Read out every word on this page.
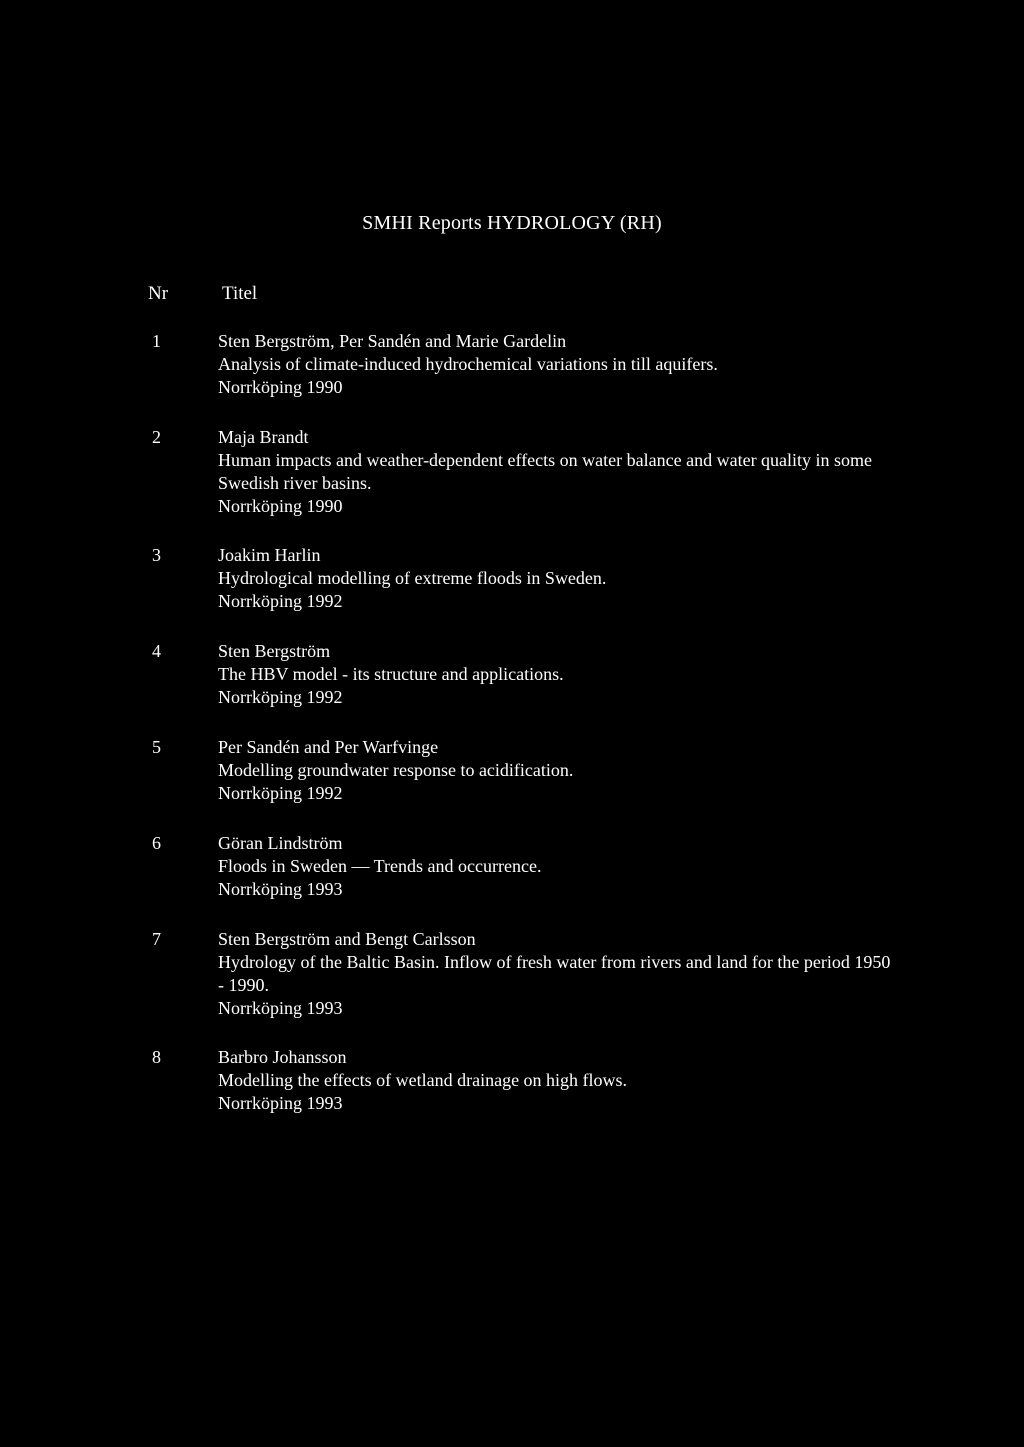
SMHI Reports HYDROLOGY (RH)
Nr	Titel
1	Sten Bergström, Per Sandén and Marie Gardelin
Analysis of climate-induced hydrochemical variations in till aquifers.
Norrköping 1990
2	Maja Brandt
Human impacts and weather-dependent effects on water balance and water quality in some Swedish river basins.
Norrköping 1990
3	Joakim Harlin
Hydrological modelling of extreme floods in Sweden.
Norrköping 1992
4	Sten Bergström
The HBV model - its structure and applications.
Norrköping 1992
5	Per Sandén and Per Warfvinge
Modelling groundwater response to acidification.
Norrköping 1992
6	Göran Lindström
Floods in Sweden — Trends and occurrence.
Norrköping 1993
7	Sten Bergström and Bengt Carlsson
Hydrology of the Baltic Basin. Inflow of fresh water from rivers and land for the period 1950 - 1990.
Norrköping 1993
8	Barbro Johansson
Modelling the effects of wetland drainage on high flows.
Norrköping 1993
